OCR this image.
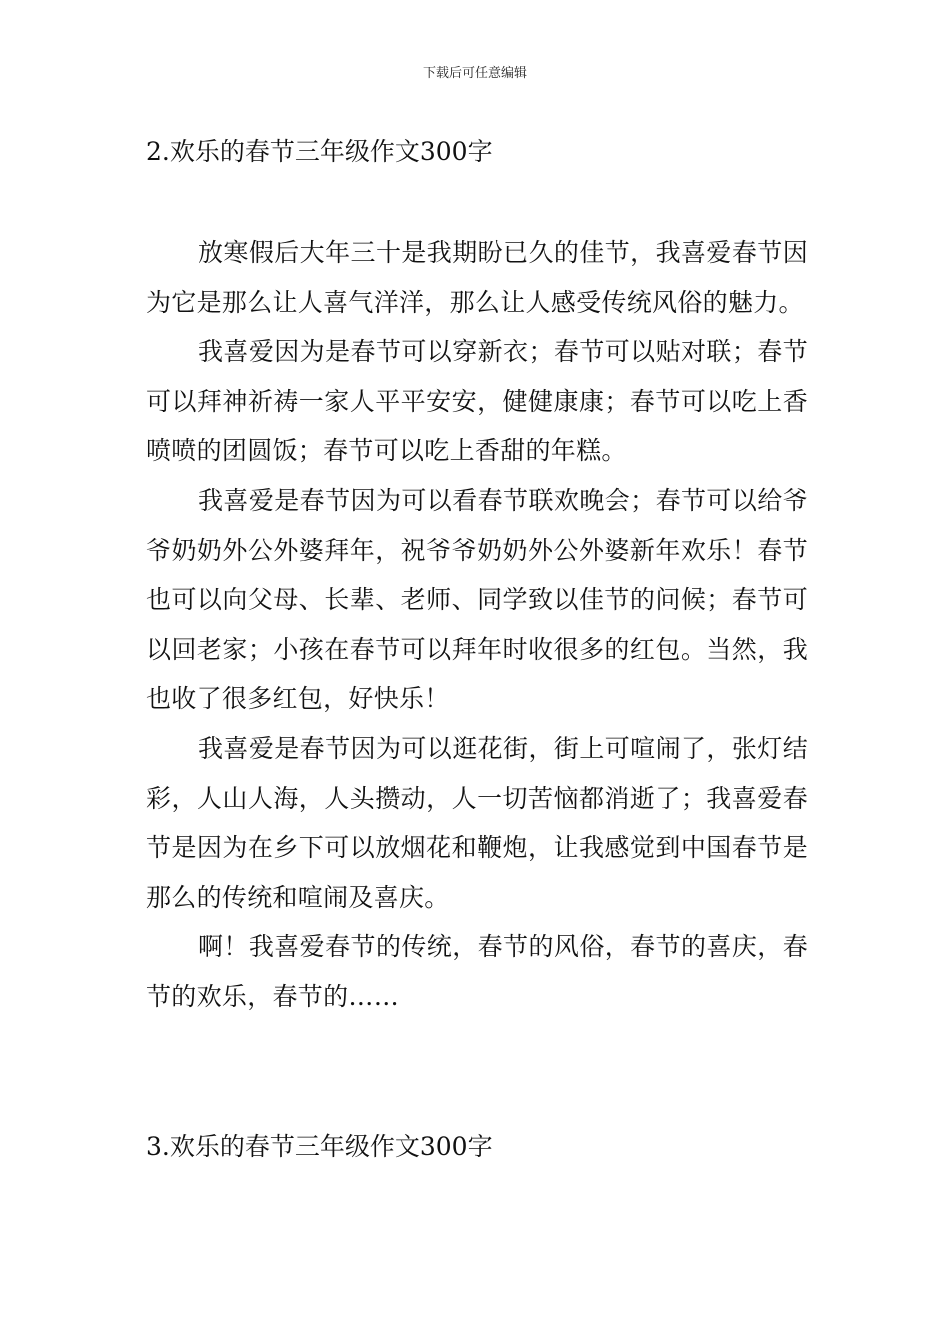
下载后可任意编辑
2.欢乐的春节三年级作文300字

放寒假后大年三十是我期盼已久的佳节，我喜爱春节因为它是那么让人喜气洋洋，那么让人感受传统风俗的魅力。

我喜爱因为是春节可以穿新衣；春节可以贴对联；春节可以拜神祈祷一家人平平安安，健健康康；春节可以吃上香喷喷的团圆饭；春节可以吃上香甜的年糕。

我喜爱是春节因为可以看春节联欢晚会；春节可以给爷爷奶奶外公外婆拜年，祝爷爷奶奶外公外婆新年欢乐！春节也可以向父母、长辈、老师、同学致以佳节的问候；春节可以回老家；小孩在春节可以拜年时收很多的红包。当然，我也收了很多红包，好快乐！

我喜爱是春节因为可以逛花街，街上可喧闹了，张灯结彩，人山人海，人头攒动，人一切苦恼都消逝了；我喜爱春节是因为在乡下可以放烟花和鞭炮，让我感觉到中国春节是那么的传统和喧闹及喜庆。

啊！我喜爱春节的传统，春节的风俗，春节的喜庆，春节的欢乐，春节的……

3.欢乐的春节三年级作文300字
